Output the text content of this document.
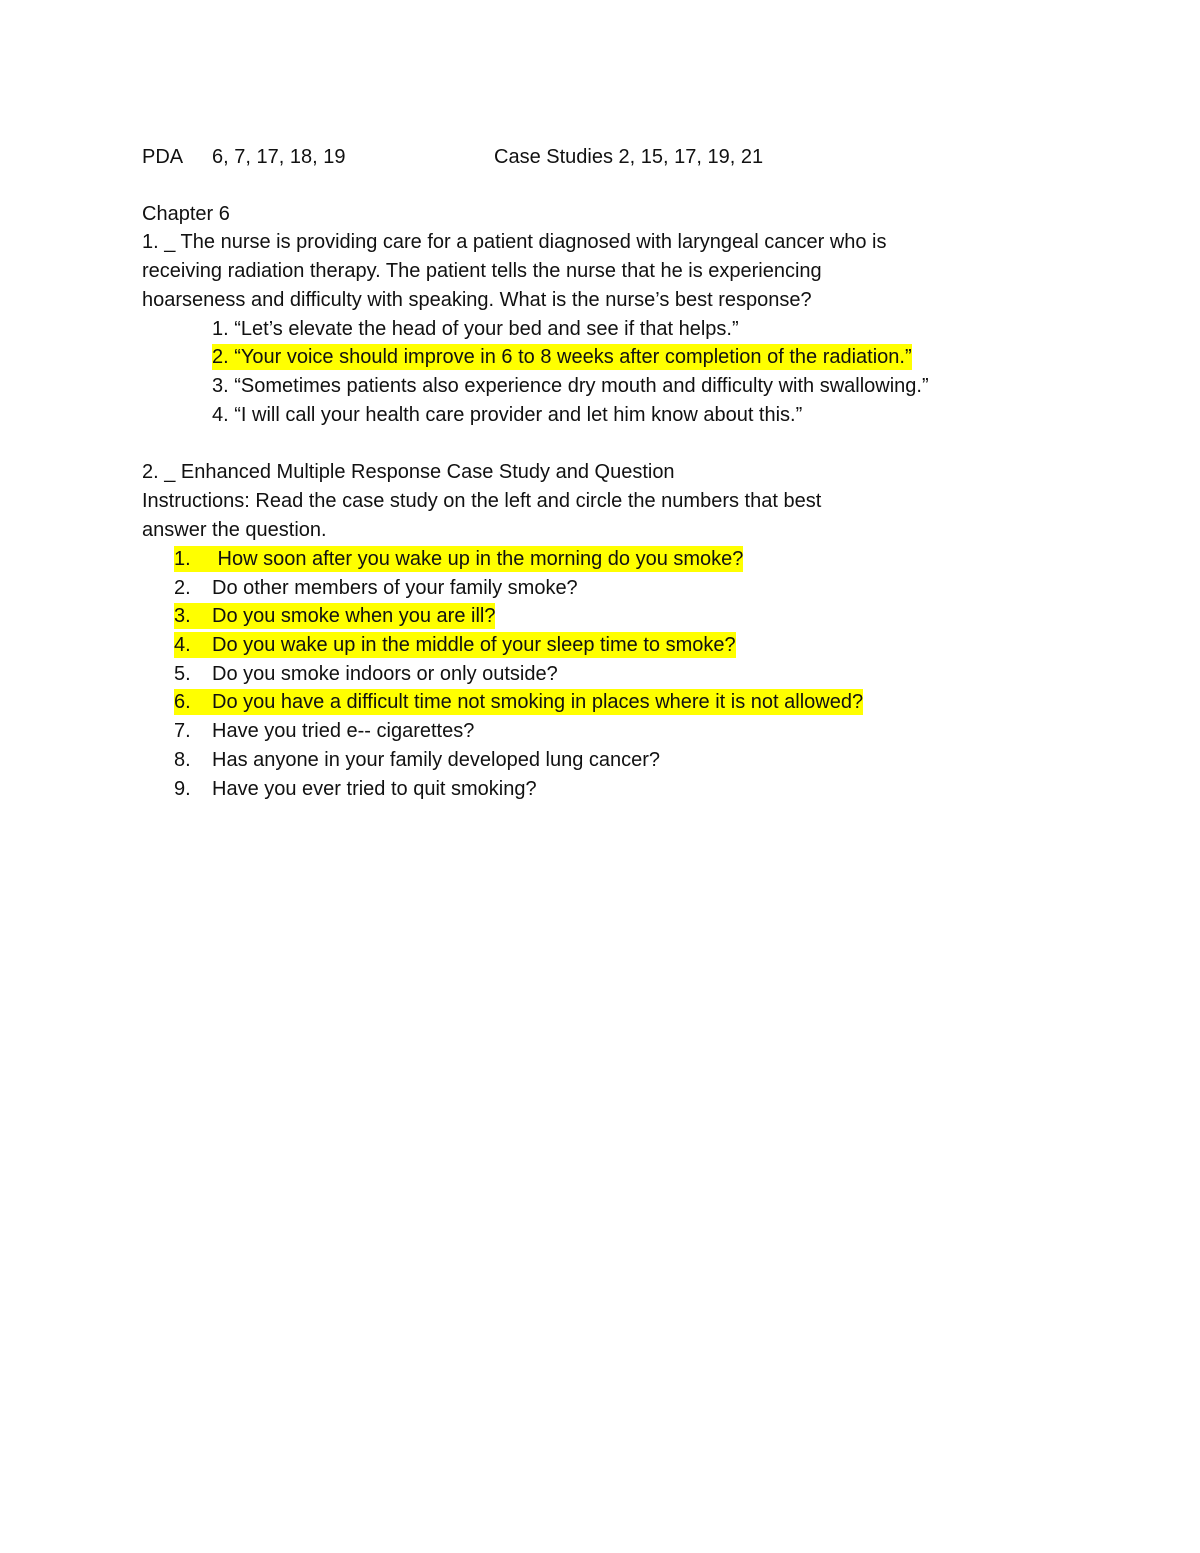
PDA 6, 7, 17, 18, 19	Case Studies 2, 15, 17, 19, 21
Chapter 6
1. _ The nurse is providing care for a patient diagnosed with laryngeal cancer who is
receiving radiation therapy. The patient tells the nurse that he is experiencing
hoarseness and difficulty with speaking. What is the nurse’s best response?
1. “Let’s elevate the head of your bed and see if that helps.”
2. “Your voice should improve in 6 to 8 weeks after completion of the radiation.”
3. “Sometimes patients also experience dry mouth and difficulty with swallowing.”
4. “I will call your health care provider and let him know about this.”
2. _ Enhanced Multiple Response Case Study and Question
Instructions: Read the case study on the left and circle the numbers that best
answer the question.
1. How soon after you wake up in the morning do you smoke?
2. Do other members of your family smoke?
3. Do you smoke when you are ill?
4. Do you wake up in the middle of your sleep time to smoke?
5. Do you smoke indoors or only outside?
6. Do you have a difficult time not smoking in places where it is not allowed?
7. Have you tried e-- cigarettes?
8. Has anyone in your family developed lung cancer?
9. Have you ever tried to quit smoking?
